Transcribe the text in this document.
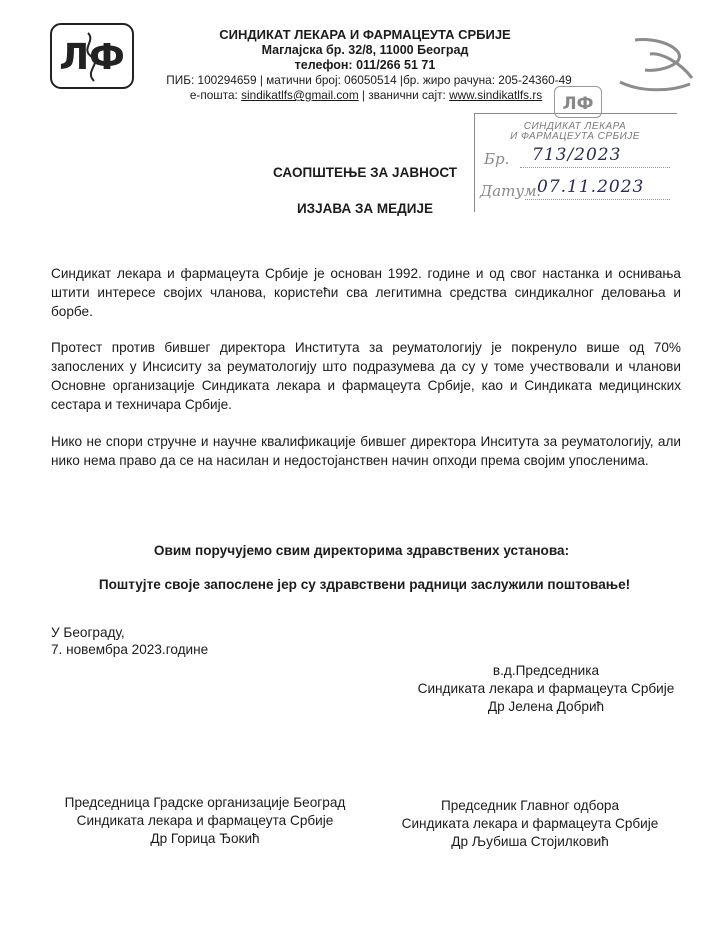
ЛФ
СИНДИКАТ ЛЕКАРА И ФАРМАЦЕУТА СРБИЈЕ
Маглајска бр. 32/8, 11000 Београд
телефон: 011/266 51 71
ПИБ: 100294659 | матични број: 06050514 |бр. жиро рачуна: 205-24360-49
е-пошта: sindikatlfs@gmail.com | званични сајт: www.sindikatlfs.rs	ЛФ
СИНДИКАТ ЛЕКАРА
И ФАРМАЦЕУТА СРБИЈЕ
Бр. 713/2023
Датум:
07.11.2023
САОПШТЕЊЕ ЗА ЈАВНОСТ
ИЗЈАВА ЗА МЕДИЈЕ
Синдикат лекара и фармацеута Србије је основан 1992. године и од свог настанка и оснивања штити интересе својих чланова, користећи сва легитимна средства синдикалног деловања и борбе.
Протест против бившег директора Института за реуматологију је покренуло више од 70% запослених у Инсиситу за реуматологију што подразумева да су у томе учествовали и чланови Основне организације Синдиката лекара и фармацеута Србије, као и Синдиката медицинских сестара и техничара Србије.
Нико не спори стручне и научне квалификације бившег директора Инситута за реуматологију, али нико нема право да се на насилан и недостојанствен начин опходи према својим упосленима.
Овим поручујемо свим директорима здравствених установа:
Поштујте своје запослене јер су здравствени радници заслужили поштовање!
У Београду,
7. новембра 2023.године
в.д.Председника
Синдиката лекара и фармацеута Србије
Др Јелена Добрић
Председница Градске организације Београд
Синдиката лекара и фармацеута Србије
Др Горица Ђокић
Председник Главног одбора
Синдиката лекара и фармацеута Србије
Др Љубиша Стојилковић
